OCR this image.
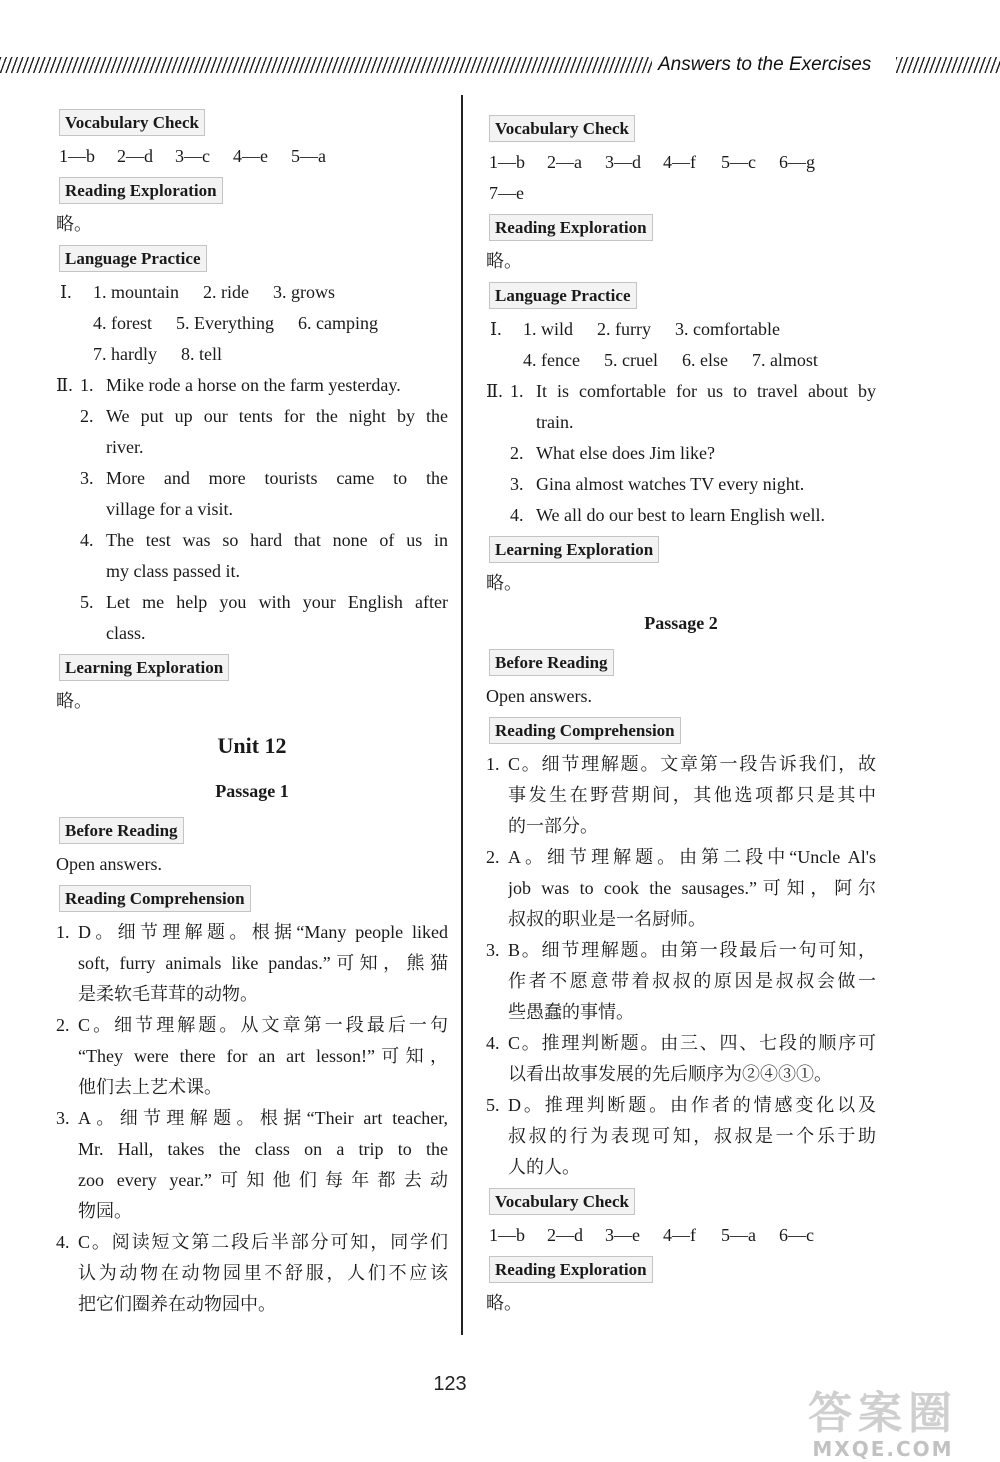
Answers to the Exercises
Vocabulary Check
1—b	2—d	3—c	4—e	5—a
Reading Exploration
略。
Language Practice
Ⅰ.	1. mountain 2. ride 3. grows
4. forest 5. Everything 6. camping
7. hardly 8. tell
Ⅱ. 1. Mike rode a horse on the farm yesterday.
2. We put up our tents for the night by the
river.
3. More and more tourists came to the
village for a visit.
4. The test was so hard that none of us in
my class passed it.
5. Let me help you with your English after
class.
Learning Exploration
略。
Unit 12
Passage 1
Before Reading
Open answers.
Reading Comprehension
1. D。细节理解题。根据“Many people liked
soft, furry animals like pandas.”可知，熊猫
是柔软毛茸茸的动物。
2. C。细节理解题。从文章第一段最后一句
“They were there for an art lesson!”可知，
他们去上艺术课。
3. A。细节理解题。根据“Their art teacher,
Mr. Hall, takes the class on a trip to the
zoo every year.”可知他们每年都去动
物园。
4. C。阅读短文第二段后半部分可知，同学们
认为动物在动物园里不舒服，人们不应该
把它们圈养在动物园中。
Vocabulary Check
1—b	2—a	3—d	4—f	5—c	6—g
7—e
Reading Exploration
略。
Language Practice
Ⅰ.	1. wild 2. furry 3. comfortable
4. fence 5. cruel 6. else 7. almost
Ⅱ. 1. It is comfortable for us to travel about by
train.
2. What else does Jim like?
3. Gina almost watches TV every night.
4. We all do our best to learn English well.
Learning Exploration
略。
Passage 2
Before Reading
Open answers.
Reading Comprehension
1. C。细节理解题。文章第一段告诉我们，故
事发生在野营期间，其他选项都只是其中
的一部分。
2. A。细节理解题。由第二段中“Uncle Al's
job was to cook the sausages.”可知，阿尔
叔叔的职业是一名厨师。
3. B。细节理解题。由第一段最后一句可知，
作者不愿意带着叔叔的原因是叔叔会做一
些愚蠢的事情。
4. C。推理判断题。由三、四、七段的顺序可
以看出故事发展的先后顺序为②④③①。
5. D。推理判断题。由作者的情感变化以及
叔叔的行为表现可知，叔叔是一个乐于助
人的人。
Vocabulary Check
1—b	2—d	3—e	4—f	5—a	6—c
Reading Exploration
略。
123
答案圈
MXQE.COM
